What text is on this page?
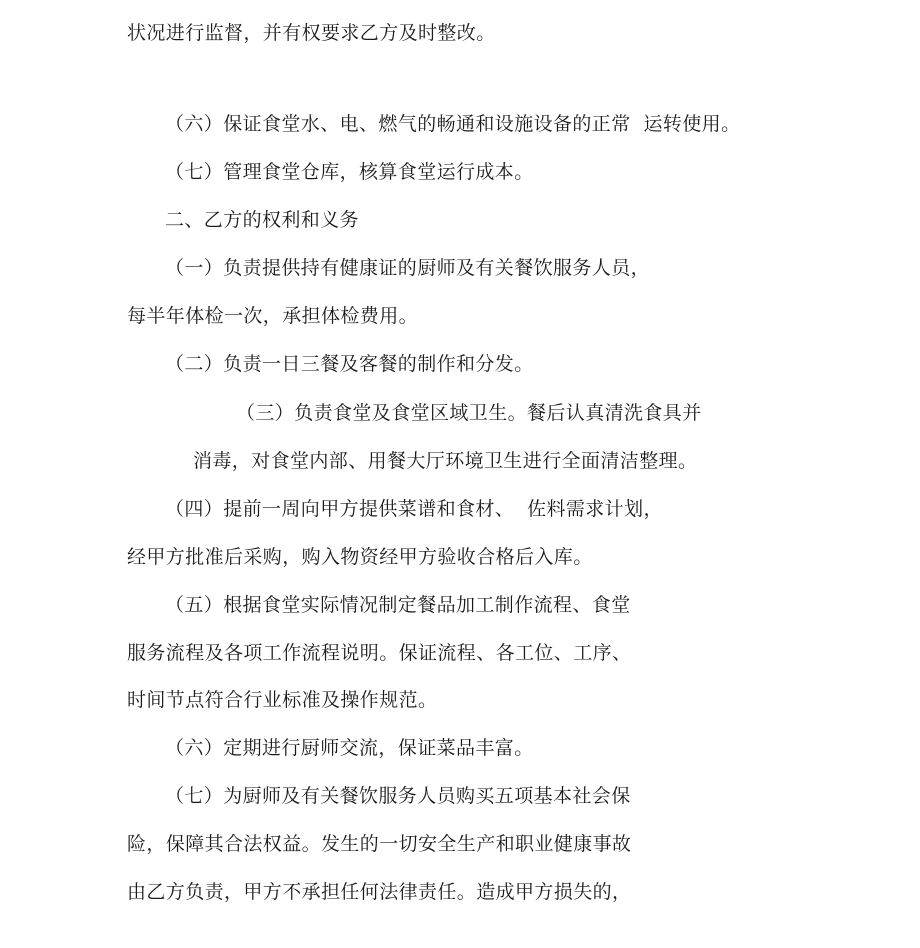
状况进行监督，并有权要求乙方及时整改。
（六）保证食堂水、电、燃气的畅通和设施设备的正常  运转使用。
（七）管理食堂仓库，核算食堂运行成本。
二、乙方的权利和义务
（一）负责提供持有健康证的厨师及有关餐饮服务人员，
每半年体检一次，承担体检费用。
（二）负责一日三餐及客餐的制作和分发。
（三）负责食堂及食堂区域卫生。餐后认真清洗食具并
消毒，对食堂内部、用餐大厅环境卫生进行全面清洁整理。
（四）提前一周向甲方提供菜谱和食材、  佐料需求计划，
经甲方批准后采购，购入物资经甲方验收合格后入库。
（五）根据食堂实际情况制定餐品加工制作流程、食堂
服务流程及各项工作流程说明。保证流程、各工位、工序、
时间节点符合行业标准及操作规范。
（六）定期进行厨师交流，保证菜品丰富。
（七）为厨师及有关餐饮服务人员购买五项基本社会保
险，保障其合法权益。发生的一切安全生产和职业健康事故
由乙方负责，甲方不承担任何法律责任。造成甲方损失的，
